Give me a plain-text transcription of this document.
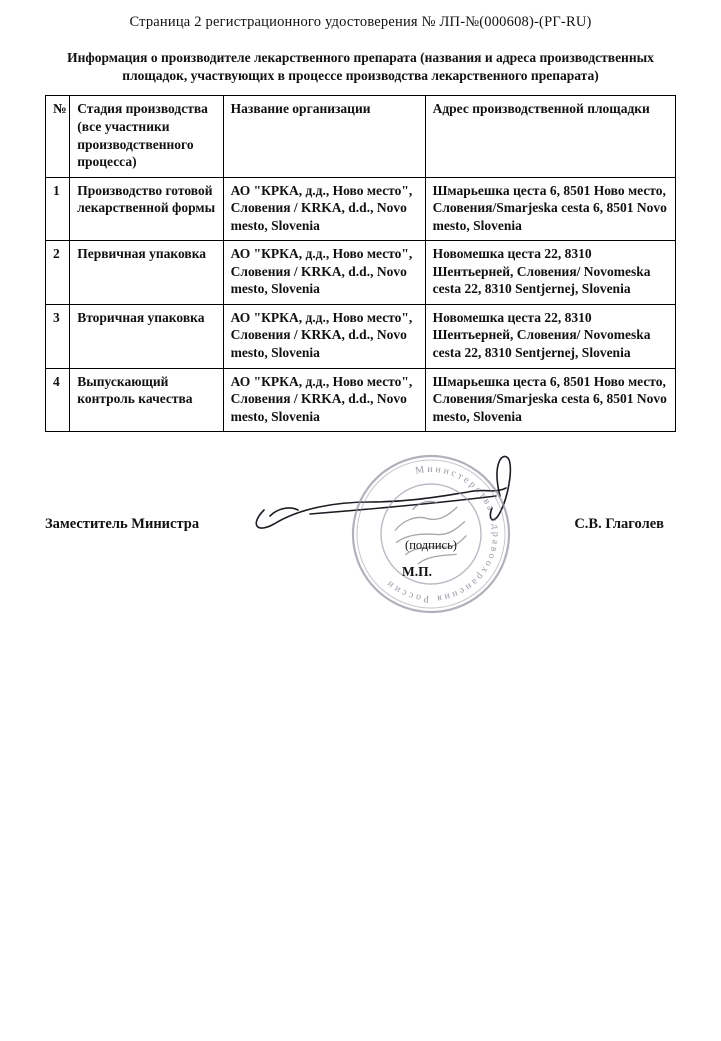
Страница 2 регистрационного удостоверения № ЛП-№(000608)-(РГ-RU)
Информация о производителе лекарственного препарата (названия и адреса производственных площадок, участвующих в процессе производства лекарственного препарата)
№	Стадия производства (все участники производственного процесса)	Название организации	Адрес производственной площадки
1	Производство готовой лекарственной формы	АО "КРКА, д.д., Ново место", Словения / KRKA, d.d., Novo mesto, Slovenia	Шмарьешка цеста 6, 8501 Ново место, Словения/Smarjeska cesta 6, 8501 Novo mesto, Slovenia
2	Первичная упаковка	АО "КРКА, д.д., Ново место", Словения / KRKA, d.d., Novo mesto, Slovenia	Новомешка цеста 22, 8310 Шентьерней, Словения/ Novomeska cesta 22, 8310 Sentjernej, Slovenia
3	Вторичная упаковка	АО "КРКА, д.д., Ново место", Словения / KRKA, d.d., Novo mesto, Slovenia	Новомешка цеста 22, 8310 Шентьерней, Словения/ Novomeska cesta 22, 8310 Sentjernej, Slovenia
4	Выпускающий контроль качества	АО "КРКА, д.д., Ново место", Словения / KRKA, d.d., Novo mesto, Slovenia	Шмарьешка цеста 6, 8501 Ново место, Словения/Smarjeska cesta 6, 8501 Novo mesto, Slovenia
Заместитель Министра
Министерства здравоохранения России
(подпись)
М.П.
С.В. Глаголев
